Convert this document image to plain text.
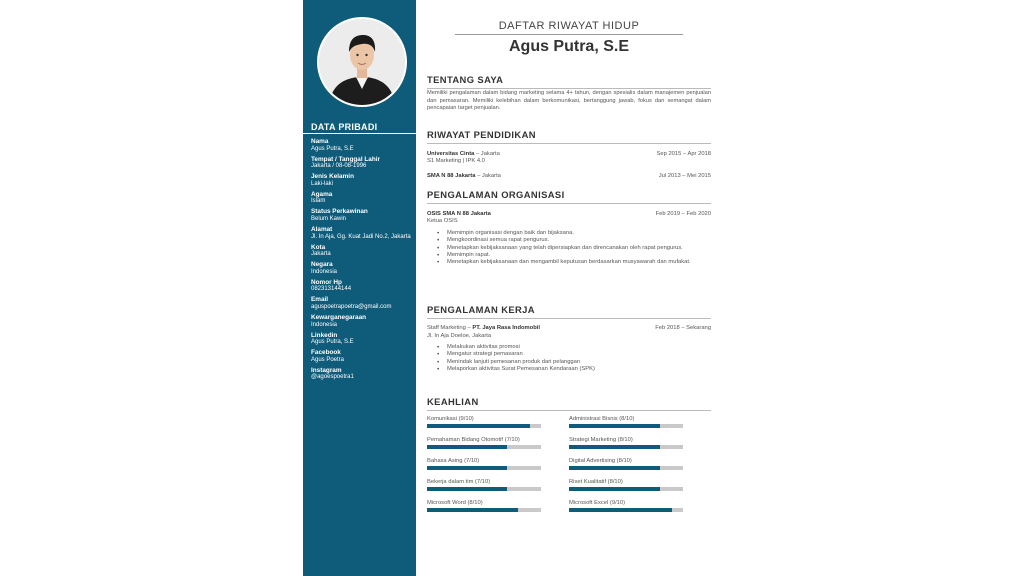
DATA PRIBADI
Nama
Agus Putra, S.E
Tempat / Tanggal Lahir
Jakarta / 08-08-1996
Jenis Kelamin
Laki-laki
Agama
Islam
Status Perkawinan
Belum Kawin
Alamat
Jl. In Aja, Gg. Kuat Jadi No.2, Jakarta
Kota
Jakarta
Negara
Indonesia
Nomor Hp
082313144144
Email
aguspoetrapoetra@gmail.com
Kewarganegaraan
Indonesia
Linkedin
Agus Putra, S.E
Facebook
Agus Poetra
Instagram
@agoespoetra1
DAFTAR RIWAYAT HIDUP
Agus Putra, S.E
TENTANG SAYA
Memiliki pengalaman dalam bidang marketing selama 4+ tahun, dengan spesialis dalam manajemen penjualan dan pemasaran. Memiliki kelebihan dalam berkomunikasi, bertanggung jawab, fokus dan semangat dalam pencapaian target penjualan.
RIWAYAT PENDIDIKAN
Universitas Cinta – Jakarta	Sep 2015 – Apr 2018
S1 Marketing | IPK 4.0
SMA N 88 Jakarta – Jakarta	Jul 2013 – Mei 2015
PENGALAMAN ORGANISASI
OSIS SMA N 88 Jakarta	Feb 2019 – Feb 2020
Ketua OSIS
• Memimpin organisasi dengan baik dan bijaksana.
• Mengkoordinasi semua rapat pengurus.
• Menetapkan kebijaksanaan yang telah dipersiapkan dan direncanakan oleh rapat pengurus.
• Memimpin rapat.
• Menetapkan kebijaksanaan dan mengambil keputusan berdasarkan musyawarah dan mufakat.
PENGALAMAN KERJA
Staff Marketing – PT. Jaya Rasa Indomobil	Feb 2018 – Sekarang
Jl. In Aja Doeloe, Jakarta
• Melakukan aktivitas promosi
• Mengatur strategi pemasaran
• Menindak lanjuti pemesanan produk dari pelanggan
• Melaporkan aktivitas Surat Pemesanan Kendaraan (SPK)
KEAHLIAN
Komunikasi (9/10)	Administrasi Bisnis (8/10)
Pemahaman Bidang Otomotif (7/10)	Strategi Marketing (8/10)
Bahasa Asing (7/10)	Digital Advertising (8/10)
Bekerja dalam tim (7/10)	Riset Kualitatif (8/10)
Microsoft Word (8/10)	Microsoft Excel (9/10)
